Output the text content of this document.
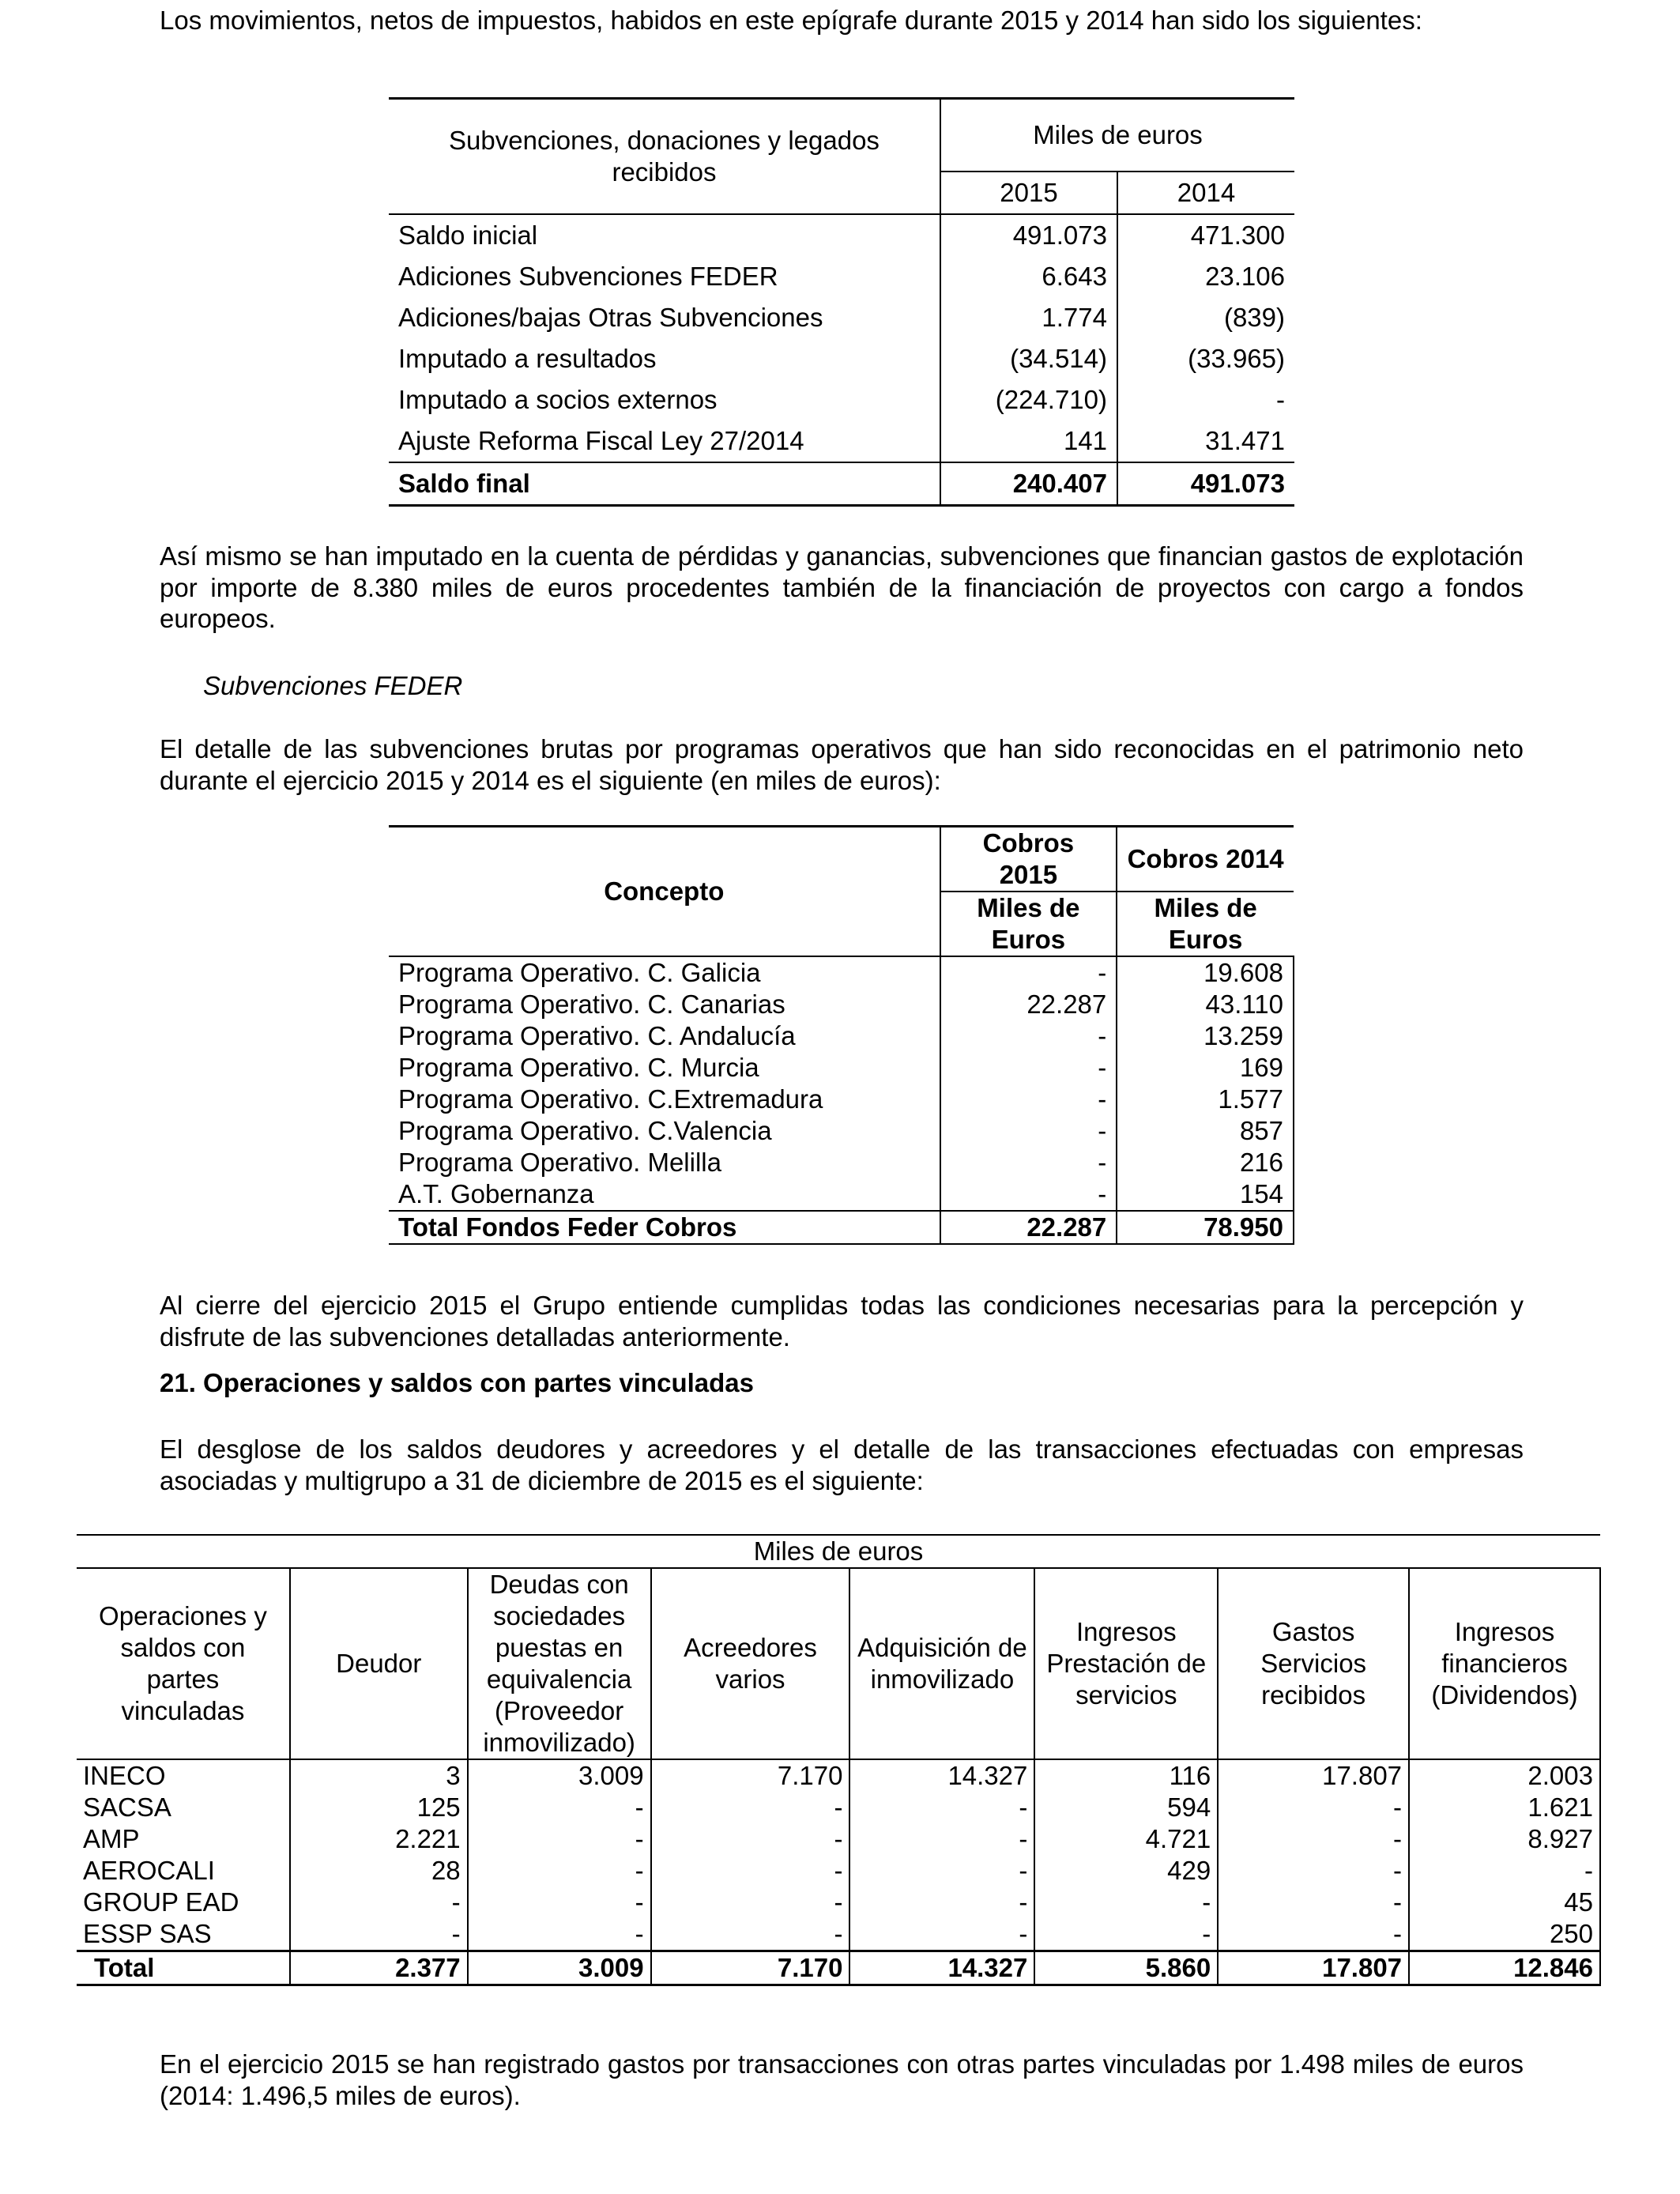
Los movimientos, netos de impuestos, habidos en este epígrafe durante 2015 y 2014 han sido los siguientes:

Subvenciones, donaciones y legados recibidos	Miles de euros	
	2015	2014
Saldo inicial	491.073	471.300
Adiciones Subvenciones FEDER	6.643	23.106
Adiciones/bajas Otras Subvenciones	1.774	(839)
Imputado a resultados	(34.514)	(33.965)
Imputado a socios externos	(224.710)	-
Ajuste Reforma Fiscal Ley 27/2014	141	31.471
Saldo final	240.407	491.073

Así mismo se han imputado en la cuenta de pérdidas y ganancias, subvenciones que financian gastos de explotación por importe de 8.380 miles de euros procedentes también de la financiación de proyectos con cargo a fondos europeos.

Subvenciones FEDER

El detalle de las subvenciones brutas por programas operativos que han sido reconocidas en el patrimonio neto durante el ejercicio 2015 y 2014 es el siguiente (en miles de euros):

Concepto	Cobros 2015	Cobros 2014
	Miles de Euros	Miles de Euros
Programa Operativo. C. Galicia	-	19.608
Programa Operativo. C. Canarias	22.287	43.110
Programa Operativo. C. Andalucía	-	13.259
Programa Operativo. C. Murcia	-	169
Programa Operativo. C.Extremadura	-	1.577
Programa Operativo. C.Valencia	-	857
Programa Operativo. Melilla	-	216
A.T. Gobernanza	-	154
Total Fondos Feder Cobros	22.287	78.950

Al cierre del ejercicio 2015 el Grupo entiende cumplidas todas las condiciones necesarias para la percepción y disfrute de las subvenciones detalladas anteriormente.

21. Operaciones y saldos con partes vinculadas

El desglose de los saldos deudores y acreedores y el detalle de las transacciones efectuadas con empresas asociadas y multigrupo a 31 de diciembre de 2015 es el siguiente:

Miles de euros							
Operaciones y saldos con partes vinculadas	Deudor	Deudas con sociedades puestas en equivalencia (Proveedor inmovilizado)	Acreedores varios	Adquisición de inmovilizado	Ingresos Prestación de servicios	Gastos Servicios recibidos	Ingresos financieros (Dividendos)
INECO	3	3.009	7.170	14.327	116	17.807	2.003
SACSA	125	-	-	-	594	-	1.621
AMP	2.221	-	-	-	4.721	-	8.927
AEROCALI	28	-	-	-	429	-	-
GROUP EAD	-	-	-	-	-	-	45
ESSP SAS	-	-	-	-	-	-	250
Total	2.377	3.009	7.170	14.327	5.860	17.807	12.846

En el ejercicio 2015 se han registrado gastos por transacciones con otras partes vinculadas por 1.498 miles de euros (2014: 1.496,5 miles de euros).
